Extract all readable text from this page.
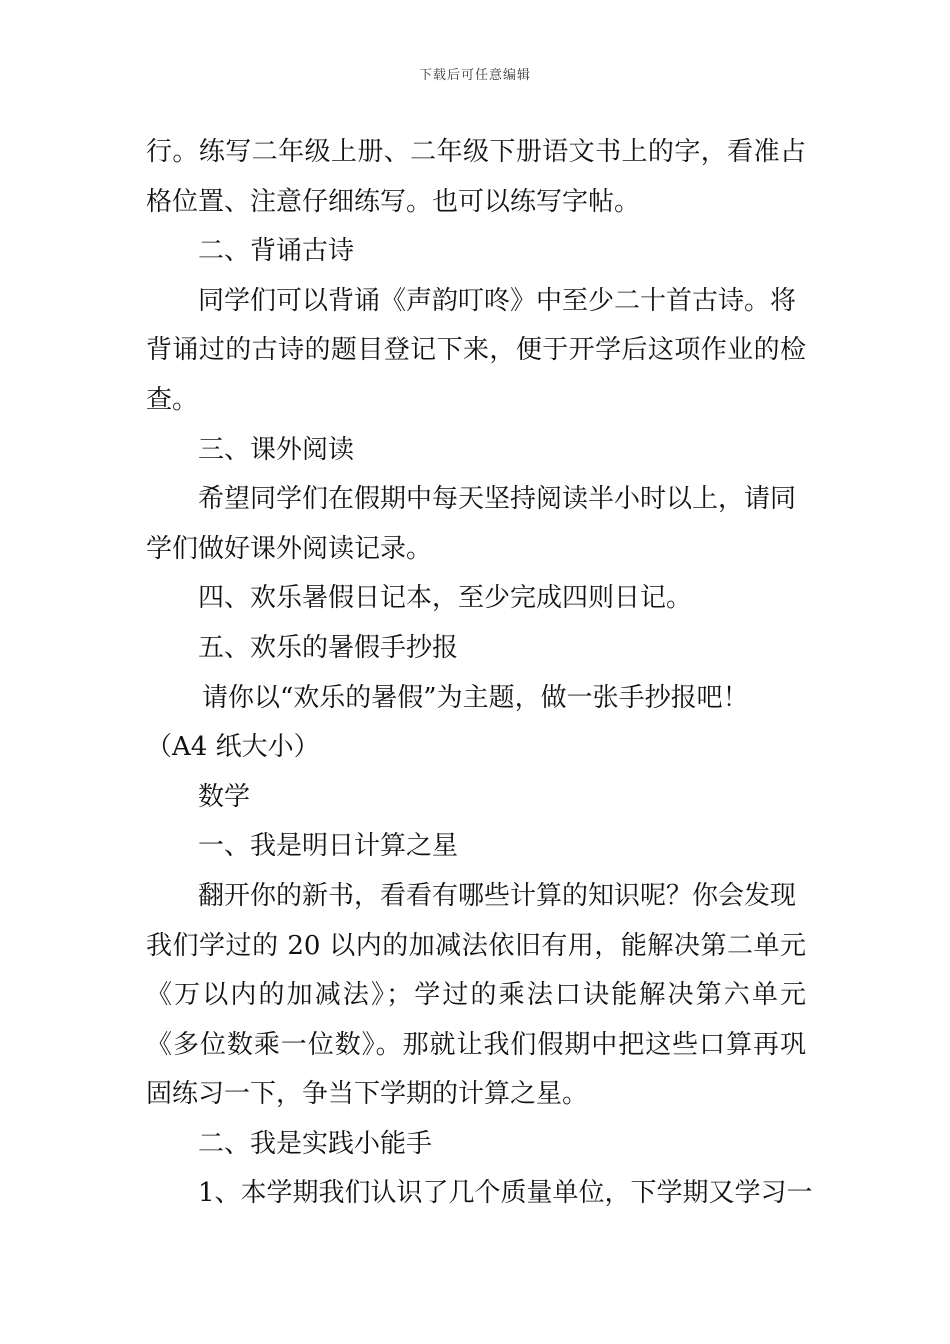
下载后可任意编辑
行。练写二年级上册、二年级下册语文书上的字，看准占
格位置、注意仔细练写。也可以练写字帖。
二、背诵古诗
同学们可以背诵《声韵叮咚》中至少二十首古诗。将
背诵过的古诗的题目登记下来，便于开学后这项作业的检
查。
三、课外阅读
希望同学们在假期中每天坚持阅读半小时以上，请同
学们做好课外阅读记录。
四、欢乐暑假日记本，至少完成四则日记。
五、欢乐的暑假手抄报
请你以“欢乐的暑假”为主题，做一张手抄报吧！
（A4 纸大小）
数学
一、我是明日计算之星
翻开你的新书，看看有哪些计算的知识呢？你会发现
我们学过的 20 以内的加减法依旧有用，能解决第二单元
《万以内的加减法》；学过的乘法口诀能解决第六单元
《多位数乘一位数》。那就让我们假期中把这些口算再巩
固练习一下，争当下学期的计算之星。
二、我是实践小能手
1、本学期我们认识了几个质量单位，下学期又学习一
